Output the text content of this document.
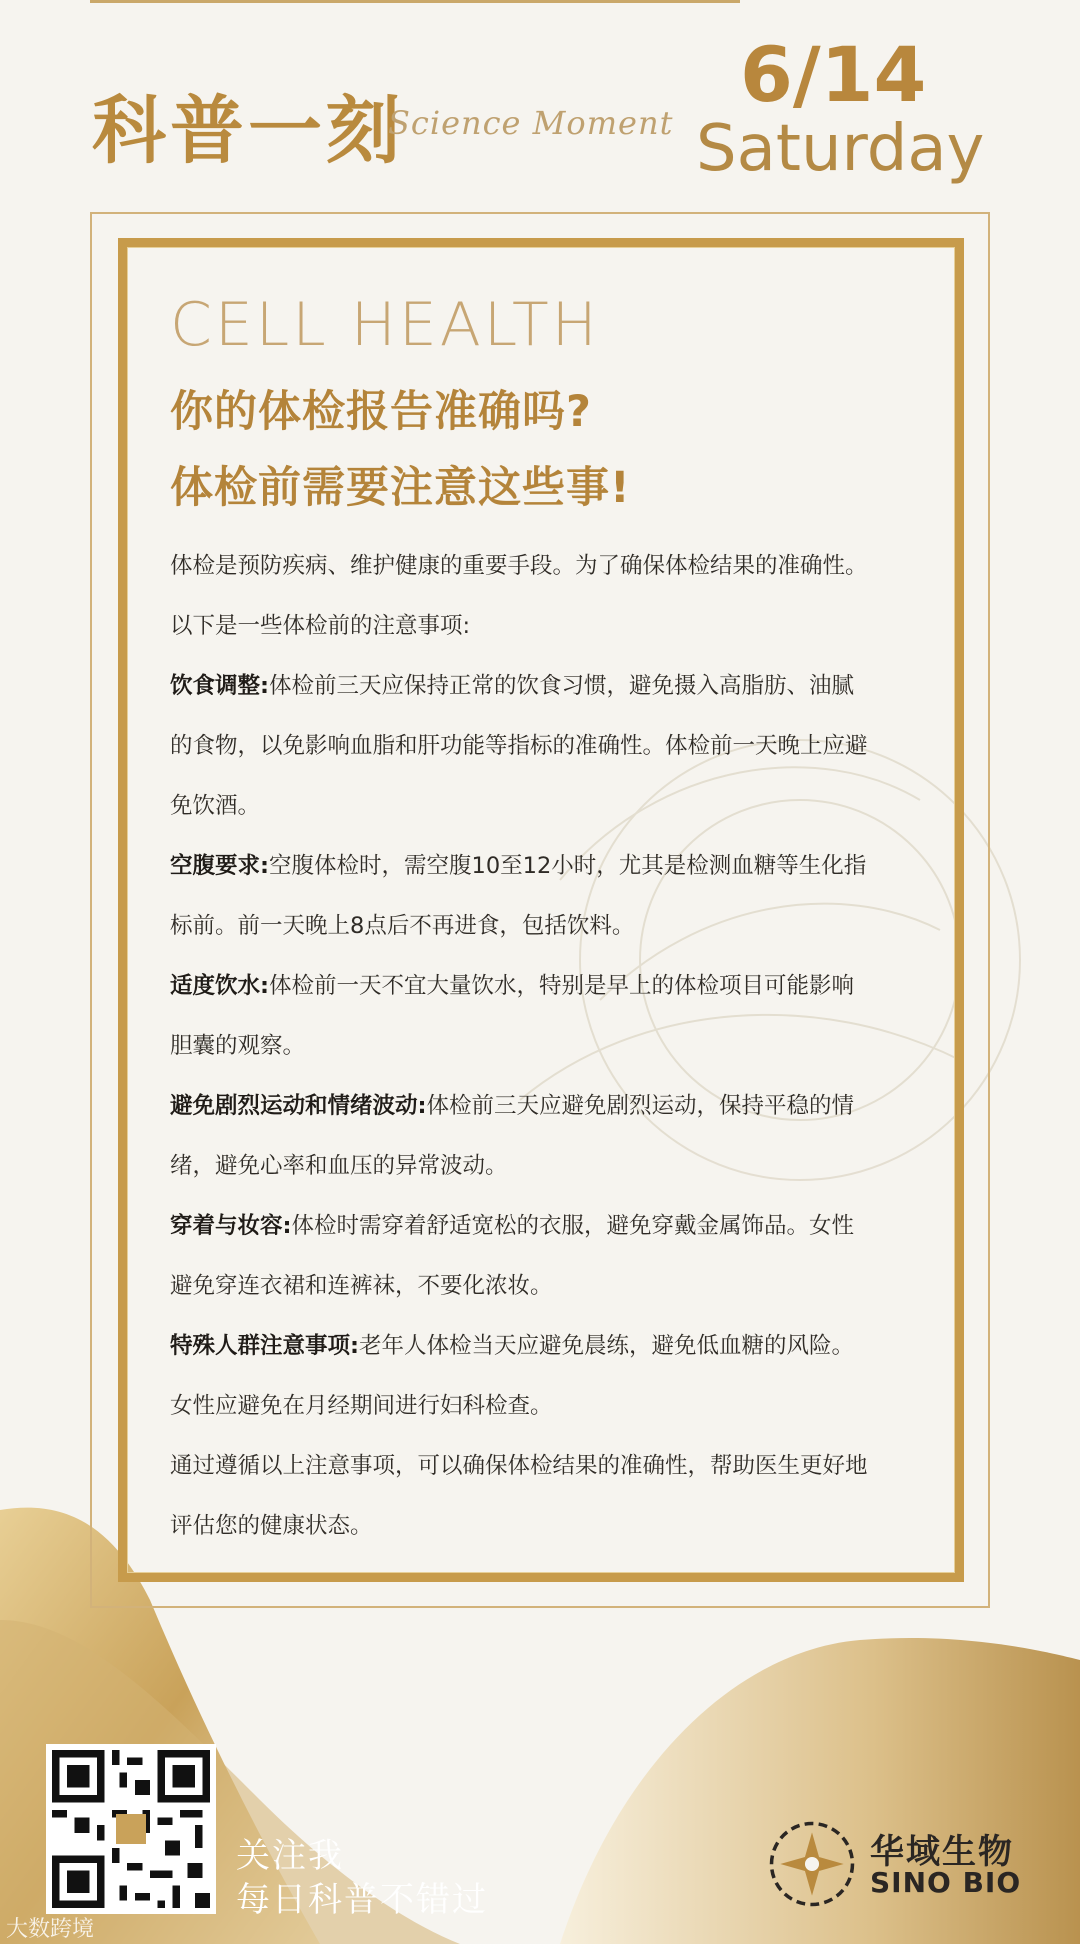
科普一刻
Science Moment
6/14
Saturday
CELL HEALTH
你的体检报告准确吗?
体检前需要注意这些事!

体检是预防疾病、维护健康的重要手段。为了确保体检结果的准确性。

以下是一些体检前的注意事项:

饮食调整:体检前三天应保持正常的饮食习惯，避免摄入高脂肪、油腻

的食物，以免影响血脂和肝功能等指标的准确性。体检前一天晚上应避

免饮酒。

空腹要求:空腹体检时，需空腹10至12小时，尤其是检测血糖等生化指

标前。前一天晚上8点后不再进食，包括饮料。

适度饮水:体检前一天不宜大量饮水，特别是早上的体检项目可能影响

胆囊的观察。

避免剧烈运动和情绪波动:体检前三天应避免剧烈运动，保持平稳的情

绪，避免心率和血压的异常波动。

穿着与妆容:体检时需穿着舒适宽松的衣服，避免穿戴金属饰品。女性

避免穿连衣裙和连裤袜，不要化浓妆。

特殊人群注意事项:老年人体检当天应避免晨练，避免低血糖的风险。

女性应避免在月经期间进行妇科检查。

通过遵循以上注意事项，可以确保体检结果的准确性，帮助医生更好地

评估您的健康状态。

关注我
每日科普不错过
大数跨境
华域生物
SINO BIO
